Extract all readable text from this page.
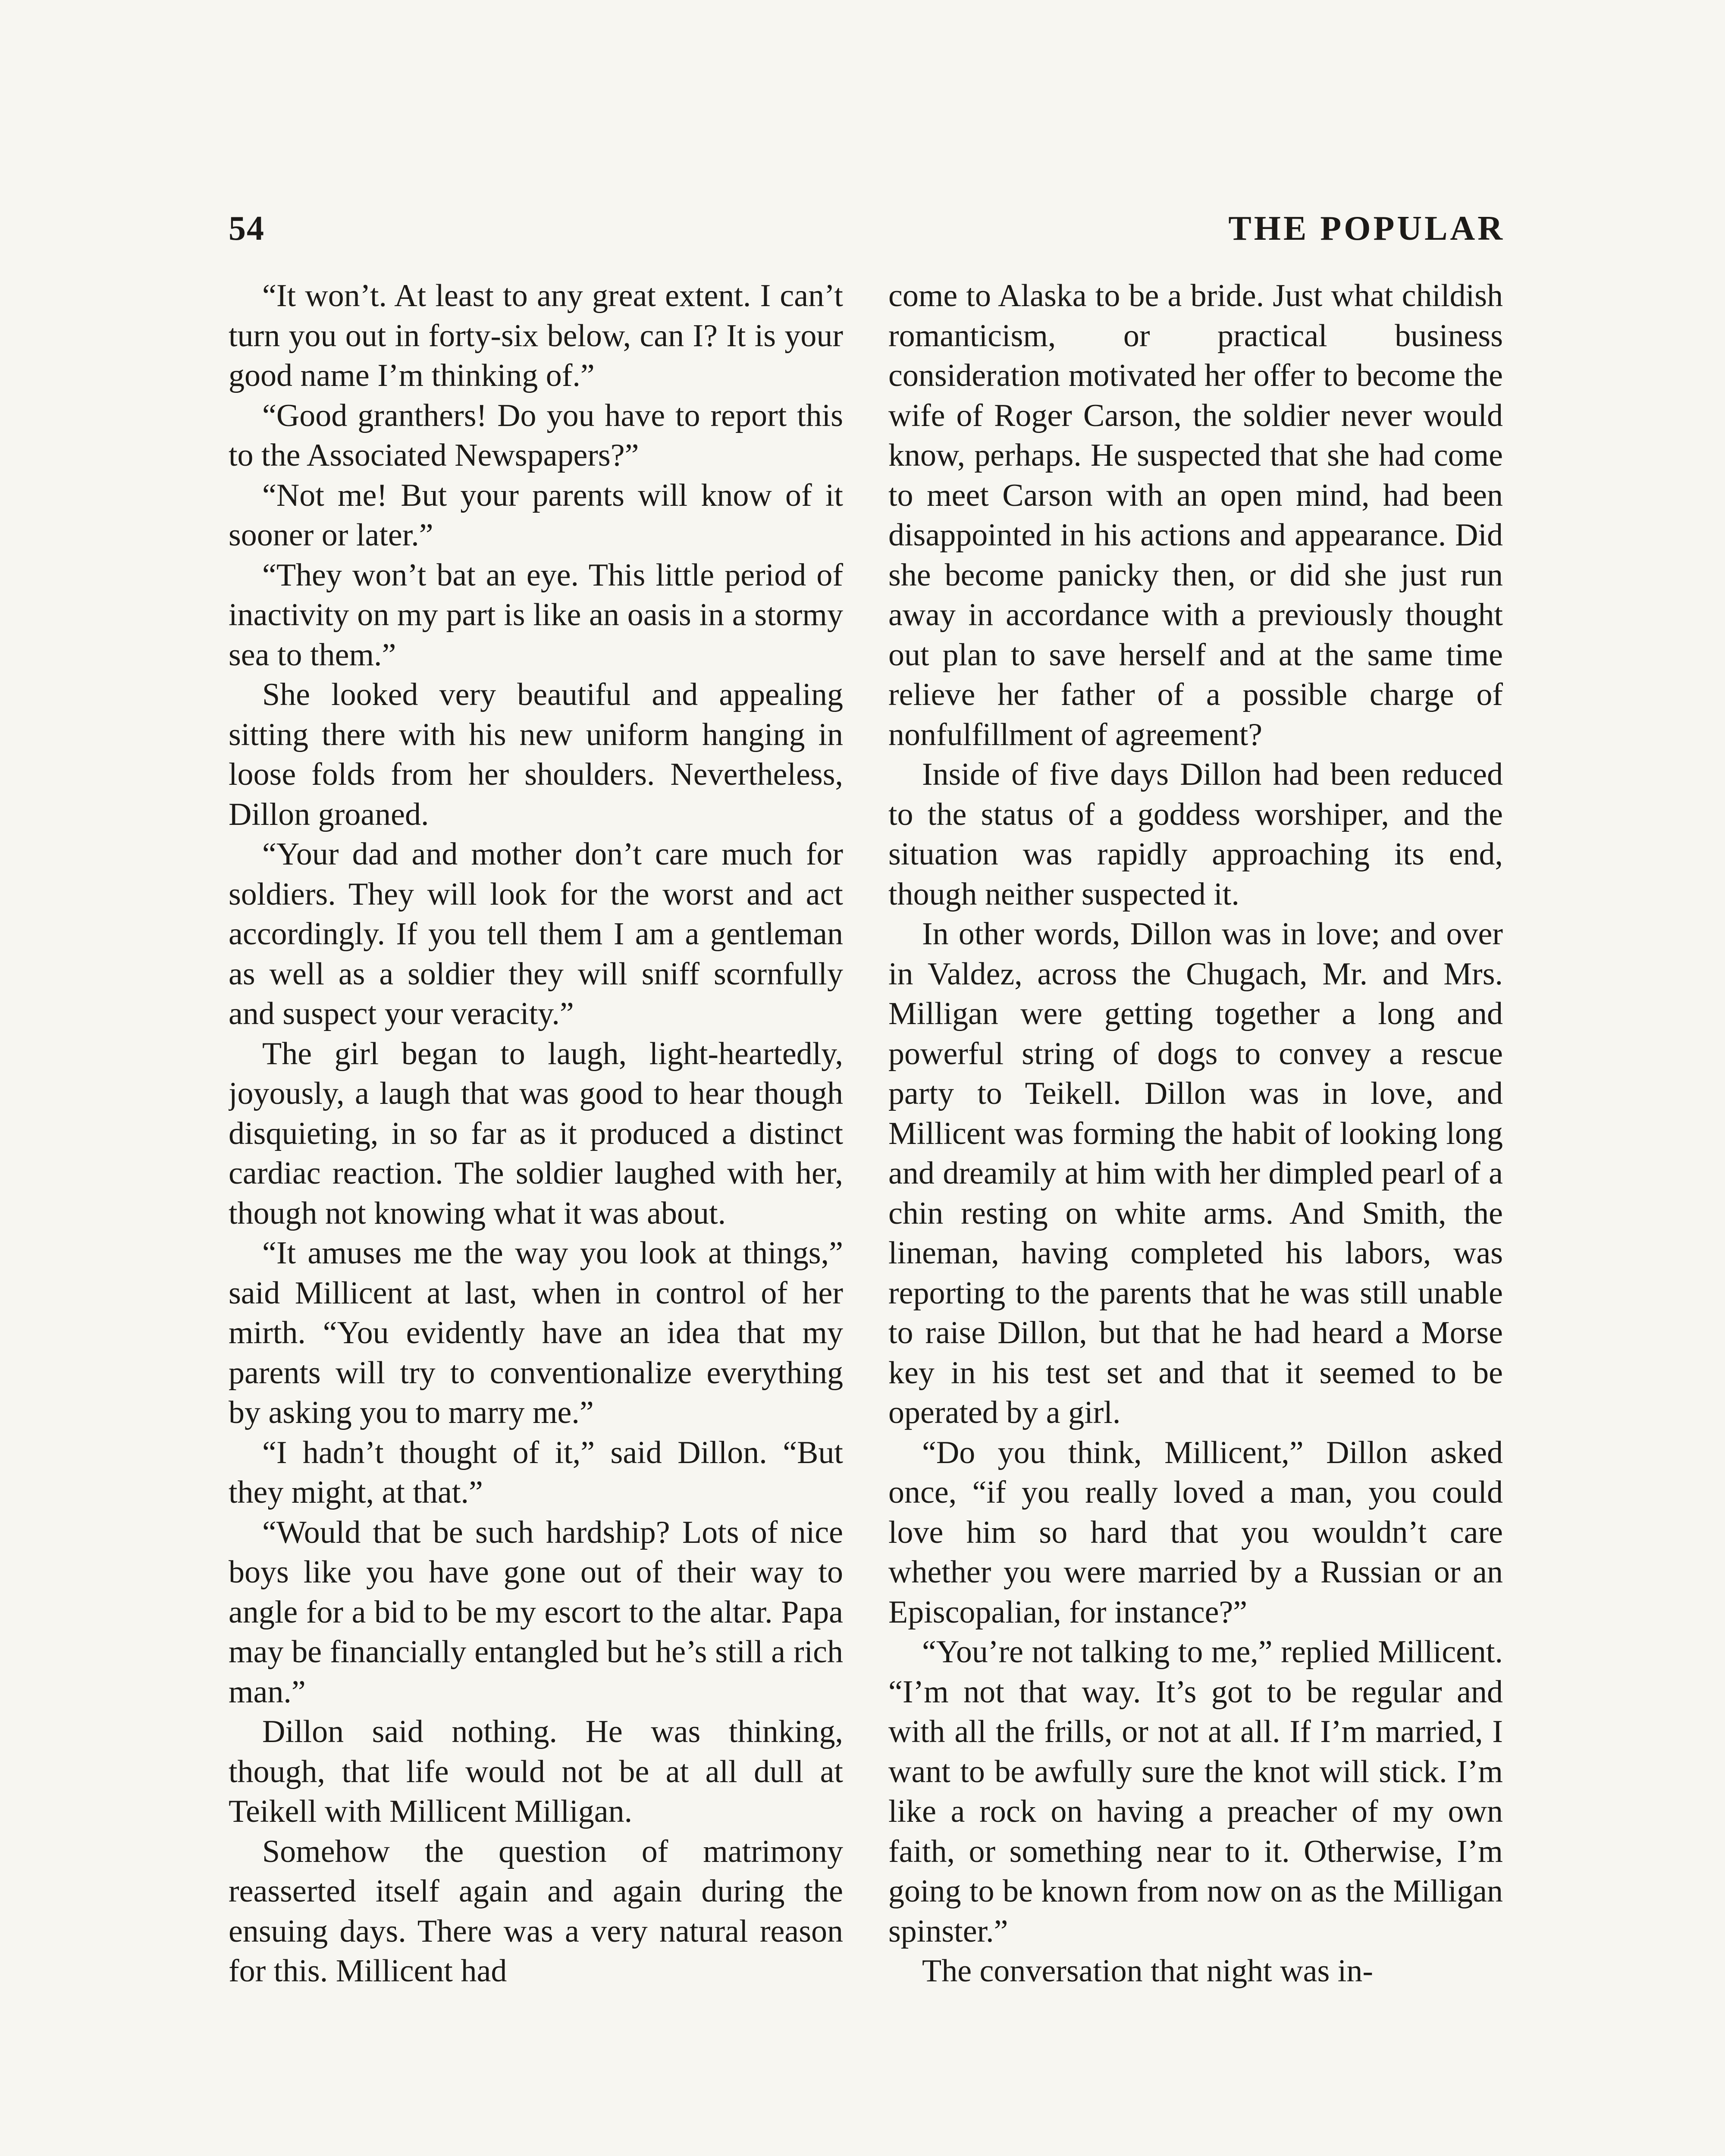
54	THE POPULAR

“It won’t. At least to any great extent. I can’t turn you out in forty-six below, can I? It is your good name I’m thinking of.”

“Good granthers! Do you have to report this to the Associated Newspapers?”

“Not me! But your parents will know of it sooner or later.”

“They won’t bat an eye. This little period of inactivity on my part is like an oasis in a stormy sea to them.”

She looked very beautiful and appealing sitting there with his new uniform hanging in loose folds from her shoulders. Nevertheless, Dillon groaned.

“Your dad and mother don’t care much for soldiers. They will look for the worst and act accordingly. If you tell them I am a gentleman as well as a soldier they will sniff scornfully and suspect your veracity.”

The girl began to laugh, light-heartedly, joyously, a laugh that was good to hear though disquieting, in so far as it produced a distinct cardiac reaction. The soldier laughed with her, though not knowing what it was about.

“It amuses me the way you look at things,” said Millicent at last, when in control of her mirth. “You evidently have an idea that my parents will try to conventionalize everything by asking you to marry me.”

“I hadn’t thought of it,” said Dillon. “But they might, at that.”

“Would that be such hardship? Lots of nice boys like you have gone out of their way to angle for a bid to be my escort to the altar. Papa may be financially entangled but he’s still a rich man.”

Dillon said nothing. He was thinking, though, that life would not be at all dull at Teikell with Millicent Milligan.

Somehow the question of matrimony reasserted itself again and again during the ensuing days. There was a very natural reason for this. Millicent had

come to Alaska to be a bride. Just what childish romanticism, or practical business consideration motivated her offer to become the wife of Roger Carson, the soldier never would know, perhaps. He suspected that she had come to meet Carson with an open mind, had been disappointed in his actions and appearance. Did she become panicky then, or did she just run away in accordance with a previously thought out plan to save herself and at the same time relieve her father of a possible charge of nonfulfillment of agreement?

Inside of five days Dillon had been reduced to the status of a goddess worshiper, and the situation was rapidly approaching its end, though neither suspected it.

In other words, Dillon was in love; and over in Valdez, across the Chugach, Mr. and Mrs. Milligan were getting together a long and powerful string of dogs to convey a rescue party to Teikell. Dillon was in love, and Millicent was forming the habit of looking long and dreamily at him with her dimpled pearl of a chin resting on white arms. And Smith, the lineman, having completed his labors, was reporting to the parents that he was still unable to raise Dillon, but that he had heard a Morse key in his test set and that it seemed to be operated by a girl.

“Do you think, Millicent,” Dillon asked once, “if you really loved a man, you could love him so hard that you wouldn’t care whether you were married by a Russian or an Episcopalian, for instance?”

“You’re not talking to me,” replied Millicent. “I’m not that way. It’s got to be regular and with all the frills, or not at all. If I’m married, I want to be awfully sure the knot will stick. I’m like a rock on having a preacher of my own faith, or something near to it. Otherwise, I’m going to be known from now on as the Milligan spinster.”

The conversation that night was in-
